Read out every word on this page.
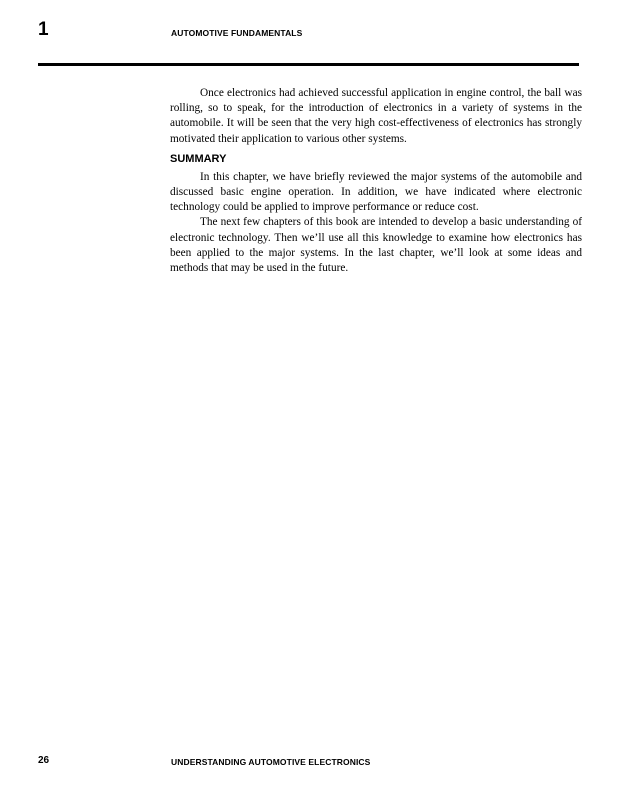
1	AUTOMOTIVE FUNDAMENTALS

Once electronics had achieved successful application in engine control, the ball was rolling, so to speak, for the introduction of electronics in a variety of systems in the automobile. It will be seen that the very high cost-effectiveness of electronics has strongly motivated their application to various other systems.

SUMMARY

In this chapter, we have briefly reviewed the major systems of the automobile and discussed basic engine operation. In addition, we have indicated where electronic technology could be applied to improve performance or reduce cost.

The next few chapters of this book are intended to develop a basic understanding of electronic technology. Then we’ll use all this knowledge to examine how electronics has been applied to the major systems. In the last chapter, we’ll look at some ideas and methods that may be used in the future.

26	UNDERSTANDING AUTOMOTIVE ELECTRONICS
